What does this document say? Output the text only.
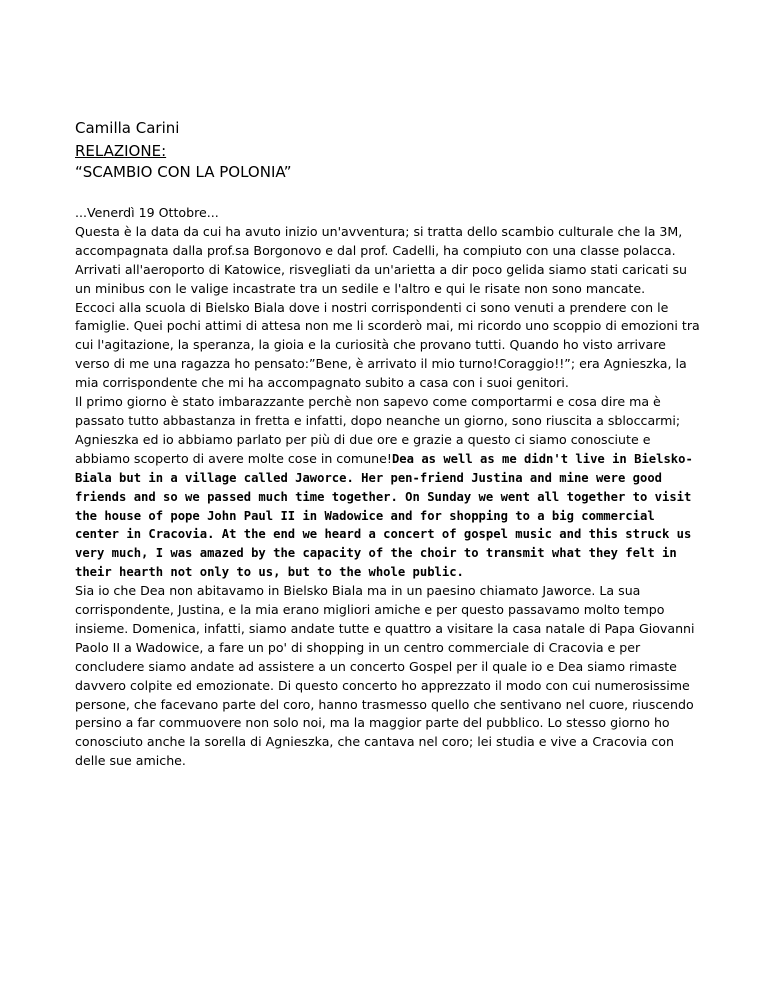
Camilla Carini
RELAZIONE:
“SCAMBIO CON LA POLONIA”

...Venerdì 19 Ottobre...

Questa è la data da cui ha avuto inizio un'avventura; si tratta dello scambio culturale che la 3M, accompagnata dalla prof.sa Borgonovo e dal prof. Cadelli, ha compiuto con una classe polacca.

Arrivati all'aeroporto di Katowice, risvegliati da un'arietta a dir poco gelida siamo stati caricati su un minibus con le valige incastrate tra un sedile e l'altro e qui le risate non sono mancate.

Eccoci alla scuola di Bielsko Biala dove i nostri corrispondenti ci sono venuti a prendere con le famiglie. Quei pochi attimi di attesa non me li scorderò mai, mi ricordo uno scoppio di emozioni tra cui l'agitazione, la speranza, la gioia e la curiosità che provano tutti. Quando ho visto arrivare verso di me una ragazza ho pensato:”Bene, è arrivato il mio turno!Coraggio!!”; era Agnieszka, la mia corrispondente che mi ha accompagnato subito a casa con i suoi genitori.

Il primo giorno è stato imbarazzante perchè non sapevo come comportarmi e cosa dire ma è passato tutto abbastanza in fretta e infatti, dopo neanche un giorno, sono riuscita a sbloccarmi; Agnieszka ed io abbiamo parlato per più di due ore e grazie a questo ci siamo conosciute e abbiamo scoperto di avere molte cose in comune!Dea as well as me didn't live in Bielsko-Biala but in a village called Jaworce. Her pen-friend Justina and mine were good friends and so we passed much time together. On Sunday we went all together to visit the house of pope John Paul II in Wadowice and for shopping to a big commercial center in Cracovia. At the end we heard a concert of gospel music and this struck us very much, I was amazed by the capacity of the choir to transmit what they felt in their hearth not only to us, but to the whole public.

Sia io che Dea non abitavamo in Bielsko Biala ma in un paesino chiamato Jaworce. La sua corrispondente, Justina, e la mia erano migliori amiche e per questo passavamo molto tempo insieme. Domenica, infatti, siamo andate tutte e quattro a visitare la casa natale di Papa Giovanni Paolo II a Wadowice, a fare un po' di shopping in un centro commerciale di Cracovia e per concludere siamo andate ad assistere a un concerto Gospel per il quale io e Dea siamo rimaste davvero colpite ed emozionate. Di questo concerto ho apprezzato il modo con cui numerosissime persone, che facevano parte del coro, hanno trasmesso quello che sentivano nel cuore, riuscendo persino a far commuovere non solo noi, ma la maggior parte del pubblico. Lo stesso giorno ho conosciuto anche la sorella di Agnieszka, che cantava nel coro; lei studia e vive a Cracovia con delle sue amiche.
